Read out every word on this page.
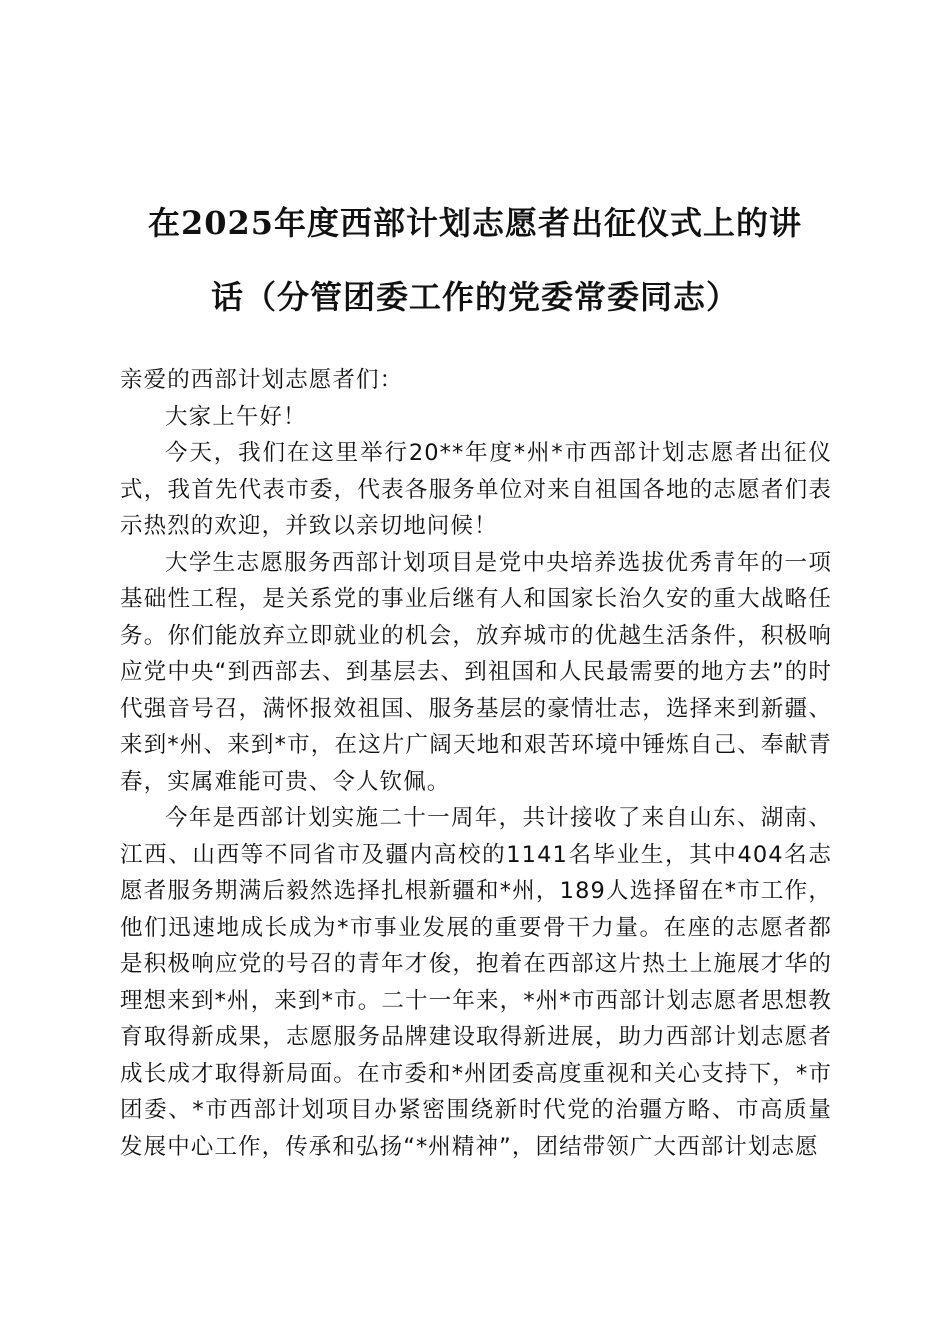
在2025年度西部计划志愿者出征仪式上的讲
话（分管团委工作的党委常委同志）

亲爱的西部计划志愿者们：

大家上午好！

今天，我们在这里举行20**年度*州*市西部计划志愿者出征仪式，我首先代表市委，代表各服务单位对来自祖国各地的志愿者们表示热烈的欢迎，并致以亲切地问候！

大学生志愿服务西部计划项目是党中央培养选拔优秀青年的一项基础性工程，是关系党的事业后继有人和国家长治久安的重大战略任务。你们能放弃立即就业的机会，放弃城市的优越生活条件，积极响应党中央“到西部去、到基层去、到祖国和人民最需要的地方去”的时代强音号召，满怀报效祖国、服务基层的豪情壮志，选择来到新疆、来到*州、来到*市，在这片广阔天地和艰苦环境中锤炼自己、奉献青春，实属难能可贵、令人钦佩。

今年是西部计划实施二十一周年，共计接收了来自山东、湖南、江西、山西等不同省市及疆内高校的1141名毕业生，其中404名志愿者服务期满后毅然选择扎根新疆和*州，189人选择留在*市工作，他们迅速地成长成为*市事业发展的重要骨干力量。在座的志愿者都是积极响应党的号召的青年才俊，抱着在西部这片热土上施展才华的理想来到*州，来到*市。二十一年来，*州*市西部计划志愿者思想教育取得新成果，志愿服务品牌建设取得新进展，助力西部计划志愿者成长成才取得新局面。在市委和*州团委高度重视和关心支持下，*市团委、*市西部计划项目办紧密围绕新时代党的治疆方略、市高质量发展中心工作，传承和弘扬“*州精神”，团结带领广大西部计划志愿
